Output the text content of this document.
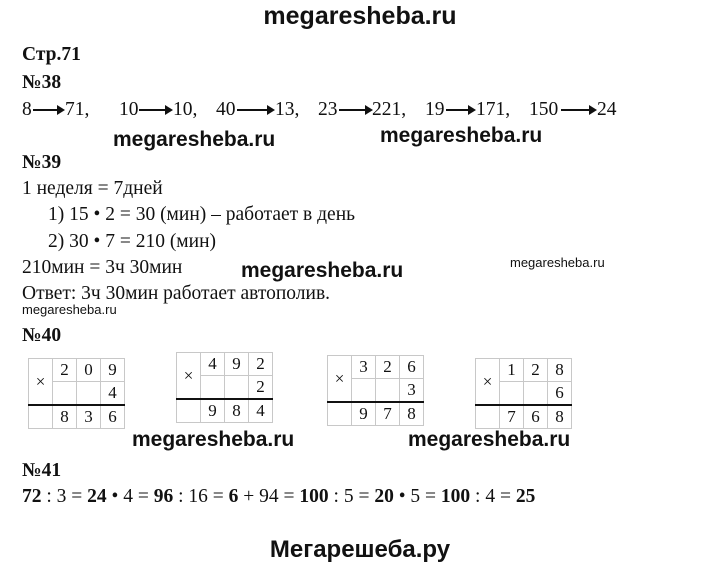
megaresheba.ru
Стр.71
№38
8 71, 10 10, 40 13, 23 221, 19 171, 150 24
megaresheba.ru	megaresheba.ru
№39
1 неделя = 7дней
1) 15 • 2 = 30 (мин) – работает в день
2) 30 • 7 = 210 (мин)
210мин = 3ч 30мин	megaresheba.ru	megaresheba.ru
Ответ: 3ч 30мин работает автополив.
megaresheba.ru
№40
×	2	0	9
			4
	8	3	6
×	4	9	2
			2
	9	8	4
×	3	2	6
			3
	9	7	8
×	1	2	8
			6
	7	6	8
megaresheba.ru	megaresheba.ru
№41
72 : 3 = 24 • 4 = 96 : 16 = 6 + 94 = 100 : 5 = 20 • 5 = 100 : 4 = 25
Мегарешеба.ру
